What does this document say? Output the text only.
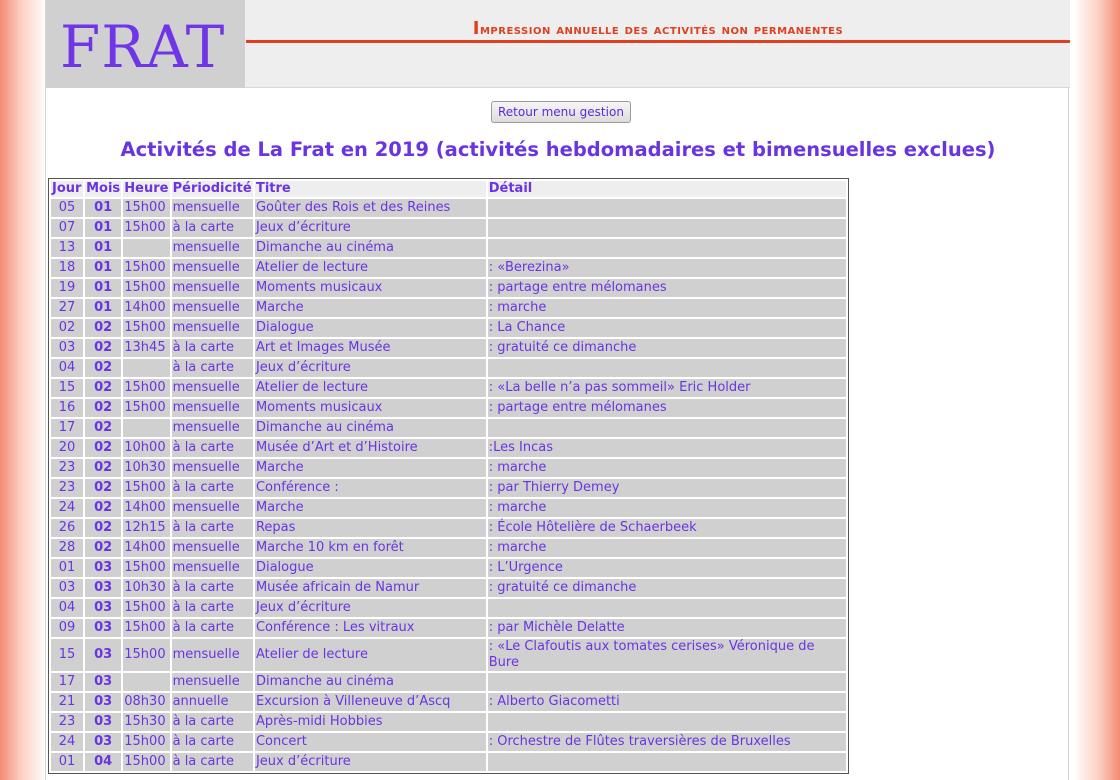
FRAT	Impression annuelle des activités non permanentes
Retour menu gestion
Activités de La Frat en 2019 (activités hebdomadaires et bimensuelles exclues)
Jour	Mois	Heure	Périodicité	Titre	Détail
05	01	15h00	mensuelle	Goûter des Rois et des Reines	
07	01	15h00	à la carte	Jeux d’écriture	
13	01		mensuelle	Dimanche au cinéma	
18	01	15h00	mensuelle	Atelier de lecture	: «Berezina»
19	01	15h00	mensuelle	Moments musicaux	: partage entre mélomanes
27	01	14h00	mensuelle	Marche	: marche
02	02	15h00	mensuelle	Dialogue	: La Chance
03	02	13h45	à la carte	Art et Images Musée	: gratuité ce dimanche
04	02		à la carte	Jeux d’écriture	
15	02	15h00	mensuelle	Atelier de lecture	: «La belle n’a pas sommeil» Eric Holder
16	02	15h00	mensuelle	Moments musicaux	: partage entre mélomanes
17	02		mensuelle	Dimanche au cinéma	
20	02	10h00	à la carte	Musée d’Art et d’Histoire	:Les Incas
23	02	10h30	mensuelle	Marche	: marche
23	02	15h00	à la carte	Conférence :	: par Thierry Demey
24	02	14h00	mensuelle	Marche	: marche
26	02	12h15	à la carte	Repas	: École Hôtelière de Schaerbeek
28	02	14h00	mensuelle	Marche 10 km en forêt	: marche
01	03	15h00	mensuelle	Dialogue	: L’Urgence
03	03	10h30	à la carte	Musée africain de Namur	: gratuité ce dimanche
04	03	15h00	à la carte	Jeux d’écriture	
09	03	15h00	à la carte	Conférence : Les vitraux	: par Michèle Delatte
15	03	15h00	mensuelle	Atelier de lecture	: «Le Clafoutis aux tomates cerises» Véronique de Bure
17	03		mensuelle	Dimanche au cinéma	
21	03	08h30	annuelle	Excursion à Villeneuve d’Ascq	: Alberto Giacometti
23	03	15h30	à la carte	Après-midi Hobbies	
24	03	15h00	à la carte	Concert	: Orchestre de Flûtes traversières de Bruxelles
01	04	15h00	à la carte	Jeux d’écriture	
